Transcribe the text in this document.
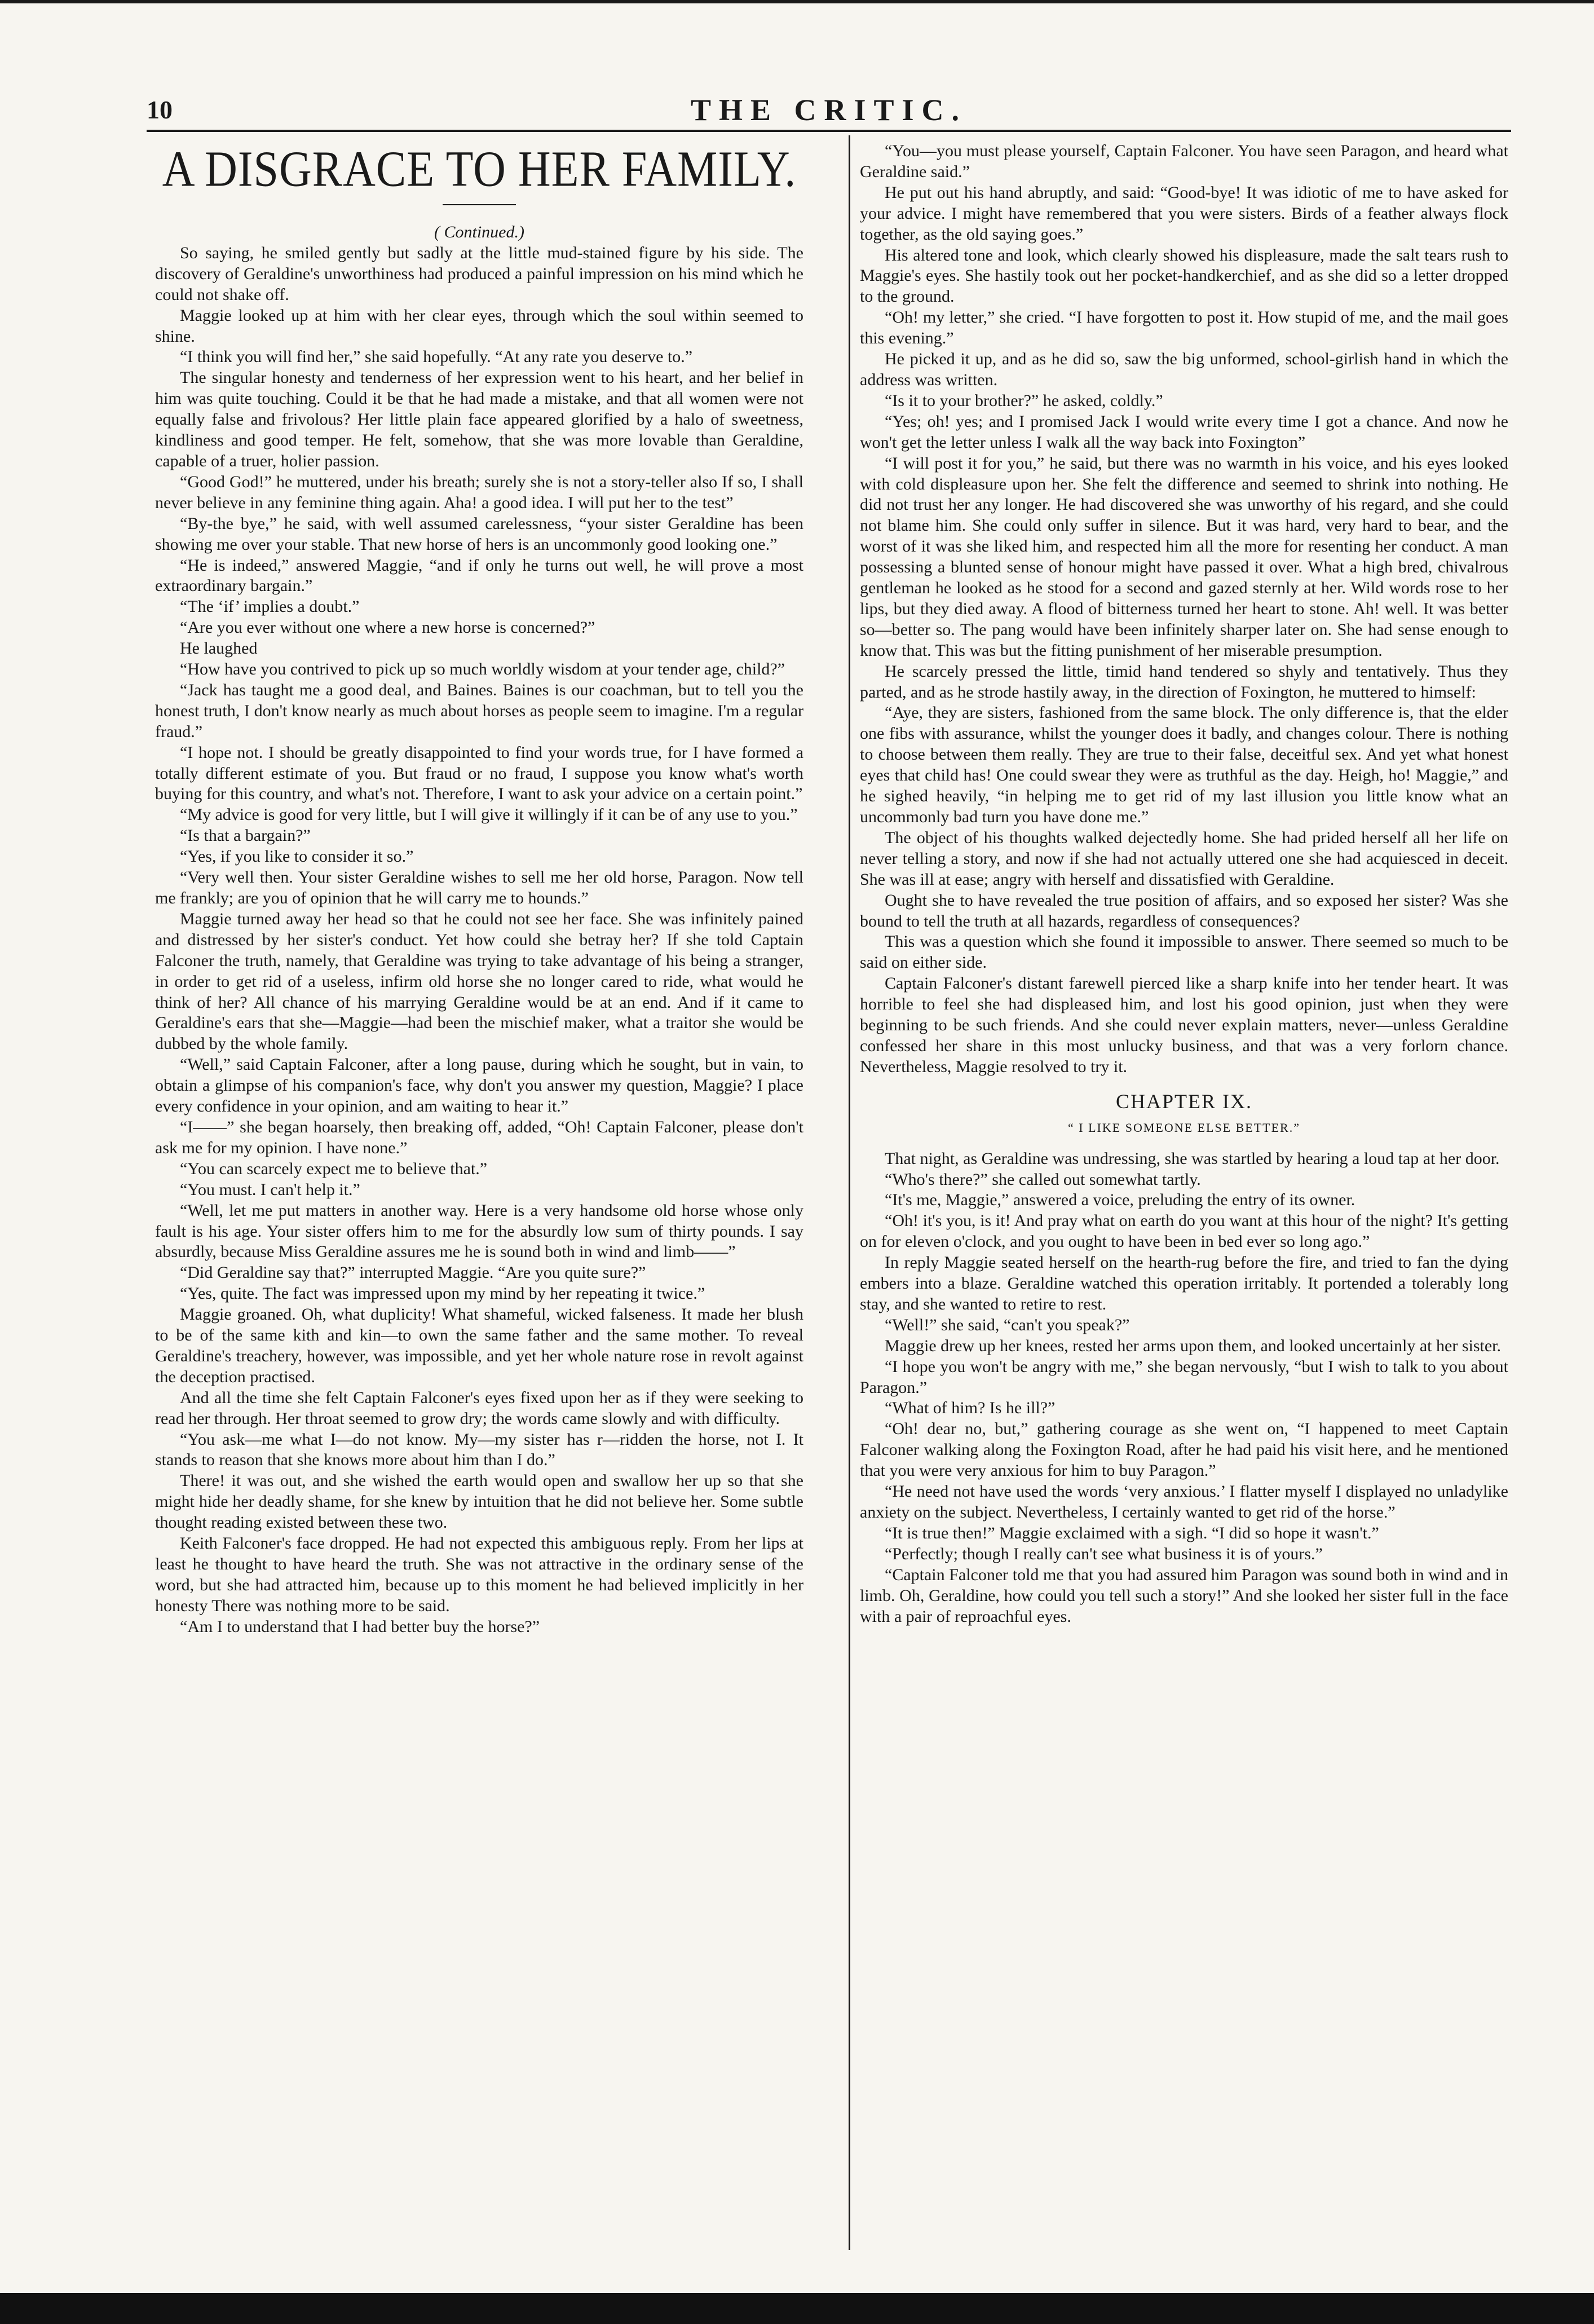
10	THE CRITIC.
A DISGRACE TO HER FAMILY.

( Continued.)

So saying, he smiled gently but sadly at the little mud-stained figure by his side. The discovery of Geraldine's unworthiness had produced a painful impression on his mind which he could not shake off.

Maggie looked up at him with her clear eyes, through which the soul within seemed to shine.

“I think you will find her,” she said hopefully. “At any rate you deserve to.”

The singular honesty and tenderness of her expression went to his heart, and her belief in him was quite touching. Could it be that he had made a mistake, and that all women were not equally false and frivolous? Her little plain face appeared glorified by a halo of sweetness, kindliness and good temper. He felt, somehow, that she was more lovable than Geraldine, capable of a truer, holier passion.

“Good God!” he muttered, under his breath; surely she is not a story-teller also If so, I shall never believe in any feminine thing again. Aha! a good idea. I will put her to the test”

“By-the bye,” he said, with well assumed carelessness, “your sister Geraldine has been showing me over your stable. That new horse of hers is an uncommonly good looking one.”

“He is indeed,” answered Maggie, “and if only he turns out well, he will prove a most extraordinary bargain.”

“The ‘if’ implies a doubt.”

“Are you ever without one where a new horse is concerned?”

He laughed

“How have you contrived to pick up so much worldly wisdom at your tender age, child?”

“Jack has taught me a good deal, and Baines. Baines is our coachman, but to tell you the honest truth, I don't know nearly as much about horses as people seem to imagine. I'm a regular fraud.”

“I hope not. I should be greatly disappointed to find your words true, for I have formed a totally different estimate of you. But fraud or no fraud, I suppose you know what's worth buying for this country, and what's not. Therefore, I want to ask your advice on a certain point.”

“My advice is good for very little, but I will give it willingly if it can be of any use to you.”

“Is that a bargain?”

“Yes, if you like to consider it so.”

“Very well then. Your sister Geraldine wishes to sell me her old horse, Paragon. Now tell me frankly; are you of opinion that he will carry me to hounds.”

Maggie turned away her head so that he could not see her face. She was infinitely pained and distressed by her sister's conduct. Yet how could she betray her? If she told Captain Falconer the truth, namely, that Geraldine was trying to take advantage of his being a stranger, in order to get rid of a useless, infirm old horse she no longer cared to ride, what would he think of her? All chance of his marrying Geraldine would be at an end. And if it came to Geraldine's ears that she—Maggie—had been the mischief maker, what a traitor she would be dubbed by the whole family.

“Well,” said Captain Falconer, after a long pause, during which he sought, but in vain, to obtain a glimpse of his companion's face, why don't you answer my question, Maggie? I place every confidence in your opinion, and am waiting to hear it.”

“I——” she began hoarsely, then breaking off, added, “Oh! Captain Falconer, please don't ask me for my opinion. I have none.”

“You can scarcely expect me to believe that.”

“You must. I can't help it.”

“Well, let me put matters in another way. Here is a very handsome old horse whose only fault is his age. Your sister offers him to me for the absurdly low sum of thirty pounds. I say absurdly, because Miss Geraldine assures me he is sound both in wind and limb——”

“Did Geraldine say that?” interrupted Maggie. “Are you quite sure?”

“Yes, quite. The fact was impressed upon my mind by her repeating it twice.”

Maggie groaned. Oh, what duplicity! What shameful, wicked falseness. It made her blush to be of the same kith and kin—to own the same father and the same mother. To reveal Geraldine's treachery, however, was impossible, and yet her whole nature rose in revolt against the deception practised.

And all the time she felt Captain Falconer's eyes fixed upon her as if they were seeking to read her through. Her throat seemed to grow dry; the words came slowly and with difficulty.

“You ask—me what I—do not know. My—my sister has r—ridden the horse, not I. It stands to reason that she knows more about him than I do.”

There! it was out, and she wished the earth would open and swallow her up so that she might hide her deadly shame, for she knew by intuition that he did not believe her. Some subtle thought reading existed between these two.

Keith Falconer's face dropped. He had not expected this ambiguous reply. From her lips at least he thought to have heard the truth. She was not attractive in the ordinary sense of the word, but she had attracted him, because up to this moment he had believed implicitly in her honesty There was nothing more to be said.

“Am I to understand that I had better buy the horse?”

“You—you must please yourself, Captain Falconer. You have seen Paragon, and heard what Geraldine said.”

He put out his hand abruptly, and said: “Good-bye! It was idiotic of me to have asked for your advice. I might have remembered that you were sisters. Birds of a feather always flock together, as the old saying goes.”

His altered tone and look, which clearly showed his displeasure, made the salt tears rush to Maggie's eyes. She hastily took out her pocket-handkerchief, and as she did so a letter dropped to the ground.

“Oh! my letter,” she cried. “I have forgotten to post it. How stupid of me, and the mail goes this evening.”

He picked it up, and as he did so, saw the big unformed, school-girlish hand in which the address was written.

“Is it to your brother?” he asked, coldly.”

“Yes; oh! yes; and I promised Jack I would write every time I got a chance. And now he won't get the letter unless I walk all the way back into Foxington”

“I will post it for you,” he said, but there was no warmth in his voice, and his eyes looked with cold displeasure upon her. She felt the difference and seemed to shrink into nothing. He did not trust her any longer. He had discovered she was unworthy of his regard, and she could not blame him. She could only suffer in silence. But it was hard, very hard to bear, and the worst of it was she liked him, and respected him all the more for resenting her conduct. A man possessing a blunted sense of honour might have passed it over. What a high bred, chivalrous gentleman he looked as he stood for a second and gazed sternly at her. Wild words rose to her lips, but they died away. A flood of bitterness turned her heart to stone. Ah! well. It was better so—better so. The pang would have been infinitely sharper later on. She had sense enough to know that. This was but the fitting punishment of her miserable presumption.

He scarcely pressed the little, timid hand tendered so shyly and tentatively. Thus they parted, and as he strode hastily away, in the direction of Foxington, he muttered to himself:

“Aye, they are sisters, fashioned from the same block. The only difference is, that the elder one fibs with assurance, whilst the younger does it badly, and changes colour. There is nothing to choose between them really. They are true to their false, deceitful sex. And yet what honest eyes that child has! One could swear they were as truthful as the day. Heigh, ho! Maggie,” and he sighed heavily, “in helping me to get rid of my last illusion you little know what an uncommonly bad turn you have done me.”

The object of his thoughts walked dejectedly home. She had prided herself all her life on never telling a story, and now if she had not actually uttered one she had acquiesced in deceit. She was ill at ease; angry with herself and dissatisfied with Geraldine.

Ought she to have revealed the true position of affairs, and so exposed her sister? Was she bound to tell the truth at all hazards, regardless of consequences?

This was a question which she found it impossible to answer. There seemed so much to be said on either side.

Captain Falconer's distant farewell pierced like a sharp knife into her tender heart. It was horrible to feel she had displeased him, and lost his good opinion, just when they were beginning to be such friends. And she could never explain matters, never—unless Geraldine confessed her share in this most unlucky business, and that was a very forlorn chance. Nevertheless, Maggie resolved to try it.

CHAPTER IX.
“ I LIKE SOMEONE ELSE BETTER.”

That night, as Geraldine was undressing, she was startled by hearing a loud tap at her door.

“Who's there?” she called out somewhat tartly.

“It's me, Maggie,” answered a voice, preluding the entry of its owner.

“Oh! it's you, is it! And pray what on earth do you want at this hour of the night? It's getting on for eleven o'clock, and you ought to have been in bed ever so long ago.”

In reply Maggie seated herself on the hearth-rug before the fire, and tried to fan the dying embers into a blaze. Geraldine watched this operation irritably. It portended a tolerably long stay, and she wanted to retire to rest.

“Well!” she said, “can't you speak?”

Maggie drew up her knees, rested her arms upon them, and looked uncertainly at her sister.

“I hope you won't be angry with me,” she began nervously, “but I wish to talk to you about Paragon.”

“What of him? Is he ill?”

“Oh! dear no, but,” gathering courage as she went on, “I happened to meet Captain Falconer walking along the Foxington Road, after he had paid his visit here, and he mentioned that you were very anxious for him to buy Paragon.”

“He need not have used the words ‘very anxious.’ I flatter myself I displayed no unladylike anxiety on the subject. Nevertheless, I certainly wanted to get rid of the horse.”

“It is true then!” Maggie exclaimed with a sigh. “I did so hope it wasn't.”

“Perfectly; though I really can't see what business it is of yours.”

“Captain Falconer told me that you had assured him Paragon was sound both in wind and in limb. Oh, Geraldine, how could you tell such a story!” And she looked her sister full in the face with a pair of reproachful eyes.
